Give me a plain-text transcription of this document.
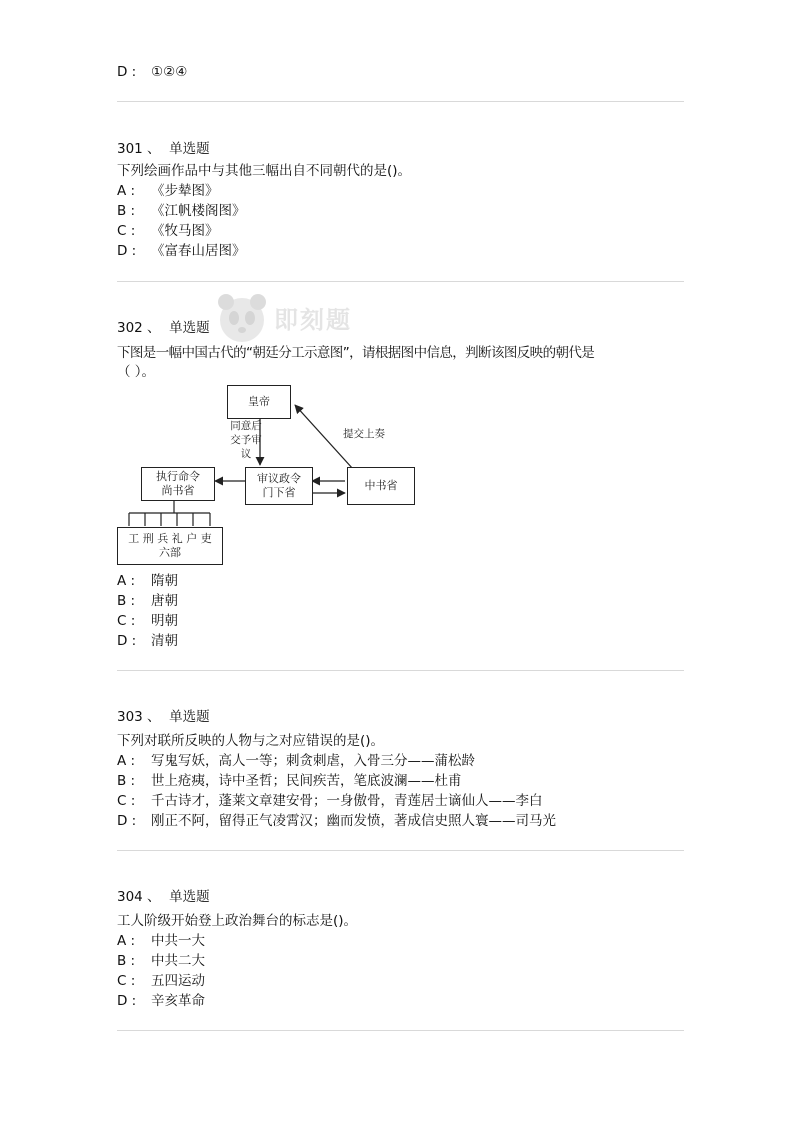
D : ①②④
301 、 单选题
下列绘画作品中与其他三幅出自不同朝代的是()。
A : 《步辇图》
B : 《江帆楼阁图》
C : 《牧马图》
D : 《富春山居图》
即刻题
302 、 单选题
下图是一幅中国古代的“朝廷分工示意图”，请根据图中信息，判断该图反映的朝代是
（ ）。
皇帝
审议政令
门下省
中书省
执行命令
尚书省
工 刑 兵 礼 户 吏
六部
同意后
交予审议
提交上奏
A : 隋朝
B : 唐朝
C : 明朝
D : 清朝
303 、 单选题
下列对联所反映的人物与之对应错误的是()。
A : 写鬼写妖，高人一等；刺贪刺虐，入骨三分——蒲松龄
B : 世上疮痍，诗中圣哲；民间疾苦，笔底波澜——杜甫
C : 千古诗才，蓬莱文章建安骨；一身傲骨，青莲居士谪仙人——李白
D : 刚正不阿，留得正气凌霄汉；幽而发愤，著成信史照人寰——司马光
304 、 单选题
工人阶级开始登上政治舞台的标志是()。
A : 中共一大
B : 中共二大
C : 五四运动
D : 辛亥革命
